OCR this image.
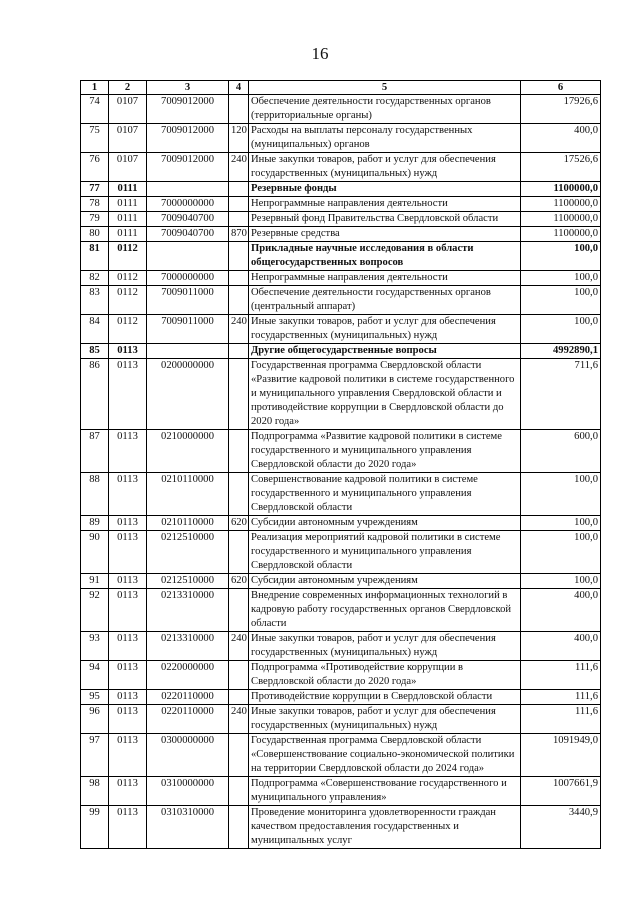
16
1	2	3	4	5	6
74	0107	7009012000		Обеспечение деятельности государственных органов (территориальные органы)	17926,6
75	0107	7009012000	120	Расходы на выплаты персоналу государственных (муниципальных) органов	400,0
76	0107	7009012000	240	Иные закупки товаров, работ и услуг для обеспечения государственных (муниципальных) нужд	17526,6
77	0111			Резервные фонды	1100000,0
78	0111	7000000000		Непрограммные направления деятельности	1100000,0
79	0111	7009040700		Резервный фонд Правительства Свердловской области	1100000,0
80	0111	7009040700	870	Резервные средства	1100000,0
81	0112			Прикладные научные исследования в области общегосударственных вопросов	100,0
82	0112	7000000000		Непрограммные направления деятельности	100,0
83	0112	7009011000		Обеспечение деятельности государственных органов (центральный аппарат)	100,0
84	0112	7009011000	240	Иные закупки товаров, работ и услуг для обеспечения государственных (муниципальных) нужд	100,0
85	0113			Другие общегосударственные вопросы	4992890,1
86	0113	0200000000		Государственная программа Свердловской области «Развитие кадровой политики в системе государственного и муниципального управления Свердловской области и противодействие коррупции в Свердловской области до 2020 года»	711,6
87	0113	0210000000		Подпрограмма «Развитие кадровой политики в системе государственного и муниципального управления Свердловской области до 2020 года»	600,0
88	0113	0210110000		Совершенствование кадровой политики в системе государственного и муниципального управления Свердловской области	100,0
89	0113	0210110000	620	Субсидии автономным учреждениям	100,0
90	0113	0212510000		Реализация мероприятий кадровой политики в системе государственного и муниципального управления Свердловской области	100,0
91	0113	0212510000	620	Субсидии автономным учреждениям	100,0
92	0113	0213310000		Внедрение современных информационных технологий в кадровую работу государственных органов Свердловской области	400,0
93	0113	0213310000	240	Иные закупки товаров, работ и услуг для обеспечения государственных (муниципальных) нужд	400,0
94	0113	0220000000		Подпрограмма «Противодействие коррупции в Свердловской области до 2020 года»	111,6
95	0113	0220110000		Противодействие коррупции в Свердловской области	111,6
96	0113	0220110000	240	Иные закупки товаров, работ и услуг для обеспечения государственных (муниципальных) нужд	111,6
97	0113	0300000000		Государственная программа Свердловской области «Совершенствование социально-экономической политики на территории Свердловской области до 2024 года»	1091949,0
98	0113	0310000000		Подпрограмма «Совершенствование государственного и муниципального управления»	1007661,9
99	0113	0310310000		Проведение мониторинга удовлетворенности граждан качеством предоставления государственных и муниципальных услуг	3440,9
